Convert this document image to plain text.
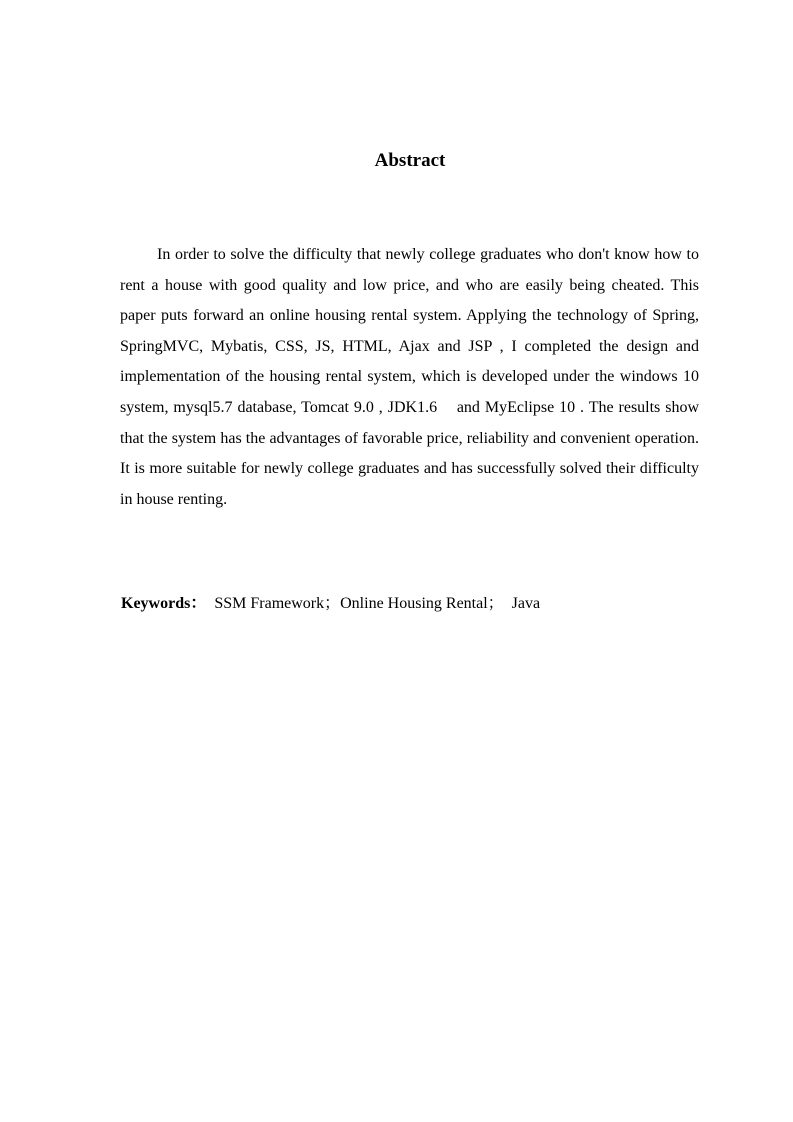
Abstract

In order to solve the difficulty that newly college graduates who don't know how to rent a house with good quality and low price, and who are easily being cheated. This paper puts forward an online housing rental system. Applying the technology of Spring, SpringMVC, Mybatis, CSS, JS, HTML, Ajax and JSP , I completed the design and implementation of the housing rental system, which is developed under the windows 10 system, mysql5.7 database, Tomcat 9.0 , JDK1.6    and MyEclipse 10 . The results show that the system has the advantages of favorable price, reliability and convenient operation. It is more suitable for newly college graduates and has successfully solved their difficulty in house renting.

Keywords：  SSM Framework；Online Housing Rental；  Java
